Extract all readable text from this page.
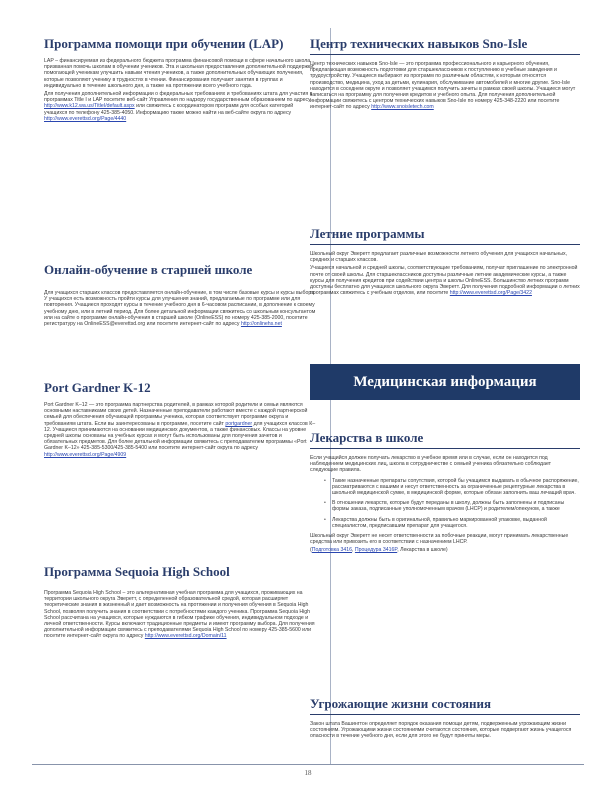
Программа помощи при обучении (LAP)

LAP – финансируемая из федерального бюджета программа финансовой помощи в сфере начального школа, призванная помочь школам в обучении учеников. Эта и школьная предоставления дополнительной поддержки, помогающей ученикам улучшить навыки чтения учеников, а также дополнительных обучающих получения, которые позволяют ученику в трудностях в чтении. Финансирования получают занятия в группах и индивидуально в течение школьного дня, а также на протяжении всего учебного года.

Для получения дополнительной информации о федеральных требованиях и требованиях штата для участия в программах Title I и LAP посетите веб-сайт Управления по надзору государственным образованием по адресу http://www.k12.wa.us/TitleI/default.aspx или свяжитесь с координатором программ для особых категорий учащихся по телефону 425-385-4050. Информацию также можно найти на веб-сайте округа по адресу http://www.everettsd.org/Page/4440

Онлайн-обучение в старшей школе

Для учащихся старших классов предоставляется онлайн-обучение, в том числе базовые курсы и курсы выбора. У учащихся есть возможность пройти курсы для улучшения знаний, предлагаемые по программе или для повторения. Учащиеся проходят курсы в течение учебного дня в 6-часовом расписании, в дополнение к своему учебному дню, или в летний период. Для более детальной информации свяжитесь со школьным консультантом или на сайте о программе онлайн-обучения в старшей школе (OnlineESS) по номеру 425-385-2000, посетите регистратуру на OnlineESS@everettsd.org или посетите интернет-сайт по адресу http://onlinehs.net

Port Gardner K-12

Port Gardner K–12 — это программа партнерства родителей, в рамках которой родители и семьи являются основными наставниками своих детей. Назначенные преподаватели работают вместе с каждой партнерской семьей для обеспечения обучающей программы ученика, которая соответствует программе округа и требованиям штата. Если вы заинтересованы в программе, посетите сайт portgardner для учащихся классов К–12. Учащиеся принимаются на основании медицинских документов, а также финансовых. Классы на уровне средней школы основаны на учебных курсах и могут быть использованы для получения зачетов и обязательных предметов. Для более детальной информации свяжитесь с преподавателем программы «Port Gardner K–12» 425-385-5300/425-385-5400 или посетите интернет-сайт округа по адресу http://www.everettsd.org/Page/4909

Программа Sequoia High School

Программа Sequoia High School – это альтернативная учебная программа для учащихся, проживающих на территории школьного округа Эверетт, с определенной образовательной средой, которая расширяет теоретические знания в жизненный и дает возможность на протяжении и получения обучения в Sequoia High School, позволяя получить знания в соответствии с потребностями каждого ученика. Программа Sequoia High School рассчитана на учащихся, которые нуждаются в гибком графике обучения, индивидуальном подходе и личной ответственности. Курсы включают традиционные предметы и имеют программу выбора. Для получения дополнительной информации свяжитесь с преподавателями Sequoia High School по номеру 425-385-5600 или посетите интернет-сайт округа по адресу http://www.everettsd.org/Domain/11

Центр технических навыков Sno-Isle

Центр технических навыков Sno-Isle — это программа профессионального и карьерного обучения, предлагающая возможность подготовки для старшеклассников к поступлению в учебные заведения и трудоустройству. Учащиеся выбирают из программ по различным областям, к которым относятся производство, медицина, уход за детьми, кулинария, обслуживание автомобилей и многие другие. Sno-Isle находится в соседнем округе и позволяет учащимся получить зачеты в рамках своей школы. Учащиеся могут записаться на программу для получения кредитов и учебного опыта. Для получения дополнительной информации свяжитесь с центром технических навыков Sno-Isle по номеру 425-348-2220 или посетите интернет-сайт по адресу http://www.snoisletech.com

Летние программы

Школьный округ Эверетт предлагает различные возможности летнего обучения для учащихся начальных, средних и старших классов.

Учащиеся начальной и средней школы, соответствующие требованиям, получат приглашение по электронной почте от своей школы. Для старшеклассников доступны различные летние академические курсы, а также курсы для получения кредитов при содействии центра и школы OnlineESS. Большинство летних программ доступны бесплатно для учащихся школьного округа Эверетт. Для получения подробной информации о летних программах свяжитесь с учебным отделом, или посетите http://www.everettsd.org/Page/3422

Медицинская информация
Лекарства в школе

Если учащийся должен получать лекарство в учебное время или в случае, если он находится под наблюдением медицинских лиц, школа в сотрудничестве с семьей ученика обязательно соблюдает следующие правила.

•	Такие назначенные препараты сопутствия, которой бы учащимся выдавать в обычное распоряжение, рассматриваются с вашими и несут ответственность за ограниченные рецептурные лекарства в школьной медицинской сумке, в медицинской форме, которые обязан заполнить ваш лечащий врач.
•	В отношении лекарств, которые будут переданы в школу, должны быть заполнены и подписаны формы заказа, подписанные уполномоченным врачом (LHCP) и родителем/опекуном, а также
•	Лекарства должны быть в оригинальной, правильно маркированной упаковке, выданной специалистом, предписавшим препарат для учащегося.

Школьный округ Эверетт не несет ответственности за побочные реакции, могут принимать лекарственные средства или привозить его в соответствии с назначением LHCP.

(Подготовка 3416, Процедура 3416P, Лекарства в школе)

Угрожающие жизни состояния

Закон штата Вашингтон определяет порядок оказания помощи детям, подверженным угрожающим жизни состояниям. Угрожающими жизни состояниями считаются состояния, которые подвергают жизнь учащегося опасности в течение учебного дня, если для этого не будут приняты меры.

18
